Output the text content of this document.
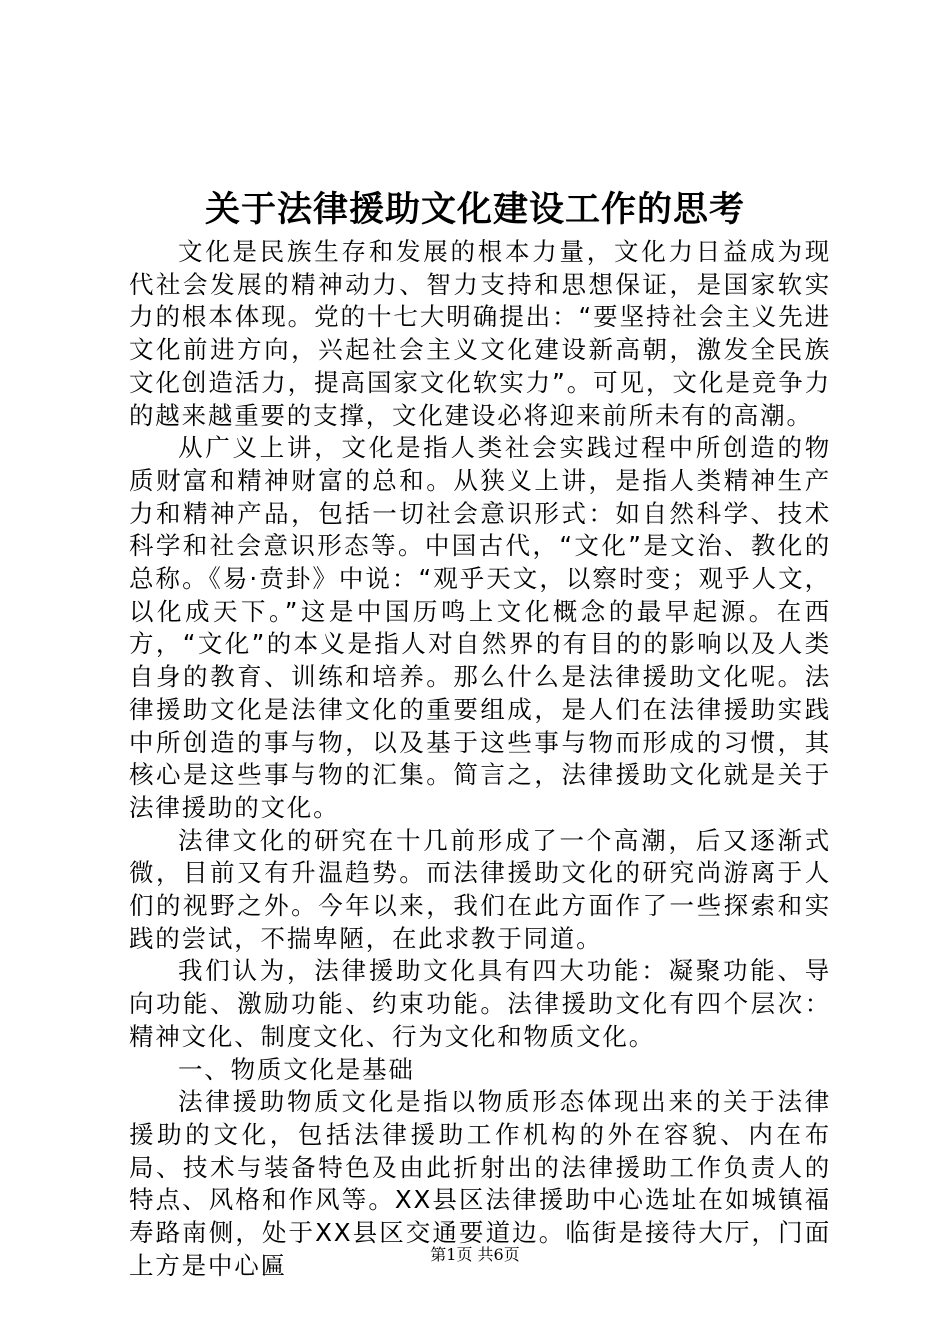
关于法律援助文化建设工作的思考

文化是民族生存和发展的根本力量，文化力日益成为现代社会发展的精神动力、智力支持和思想保证，是国家软实力的根本体现。党的十七大明确提出：“要坚持社会主义先进文化前进方向，兴起社会主义文化建设新高朝，激发全民族文化创造活力，提高国家文化软实力”。可见，文化是竞争力的越来越重要的支撑，文化建设必将迎来前所未有的高潮。

从广义上讲，文化是指人类社会实践过程中所创造的物质财富和精神财富的总和。从狭义上讲，是指人类精神生产力和精神产品，包括一切社会意识形式：如自然科学、技术科学和社会意识形态等。中国古代，“文化”是文治、教化的总称。《易·贲卦》中说：“观乎天文，以察时变；观乎人文，以化成天下。”这是中国历鸣上文化概念的最早起源。在西方，“文化”的本义是指人对自然界的有目的的影响以及人类自身的教育、训练和培养。那么什么是法律援助文化呢。法律援助文化是法律文化的重要组成，是人们在法律援助实践中所创造的事与物，以及基于这些事与物而形成的习惯，其核心是这些事与物的汇集。简言之，法律援助文化就是关于法律援助的文化。

法律文化的研究在十几前形成了一个高潮，后又逐渐式微，目前又有升温趋势。而法律援助文化的研究尚游离于人们的视野之外。今年以来，我们在此方面作了一些探索和实践的尝试，不揣卑陋，在此求教于同道。

我们认为，法律援助文化具有四大功能：凝聚功能、导向功能、激励功能、约束功能。法律援助文化有四个层次：精神文化、制度文化、行为文化和物质文化。

一、物质文化是基础

法律援助物质文化是指以物质形态体现出来的关于法律援助的文化，包括法律援助工作机构的外在容貌、内在布局、技术与装备特色及由此折射出的法律援助工作负责人的特点、风格和作风等。XX县区法律援助中心选址在如城镇福寿路南侧，处于XX县区交通要道边。临街是接待大厅，门面上方是中心匾	第1页 共6页
